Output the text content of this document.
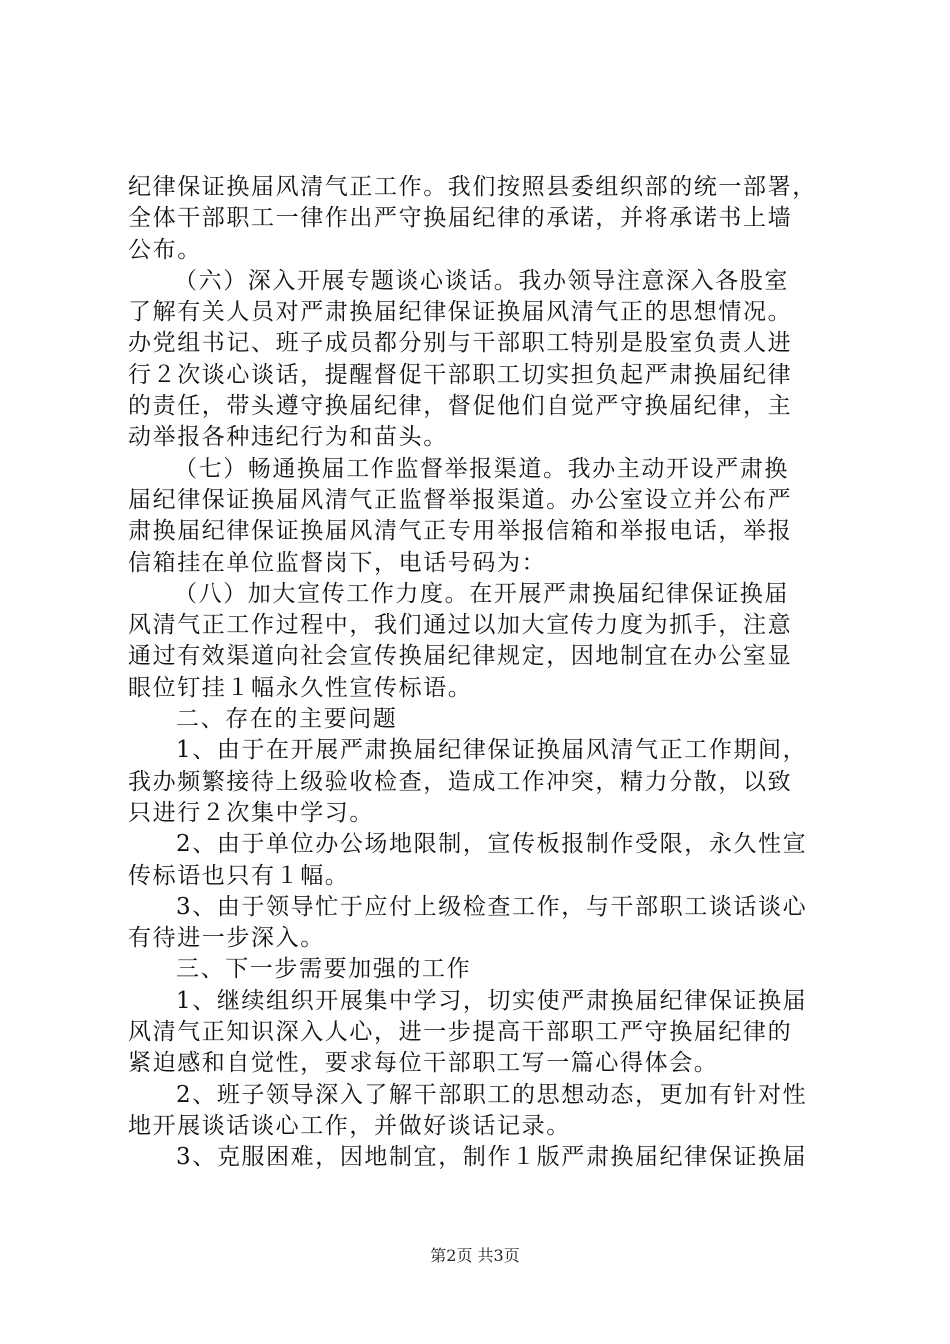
纪律保证换届风清气正工作。我们按照县委组织部的统一部署，
全体干部职工一律作出严守换届纪律的承诺，并将承诺书上墙
公布。
（六）深入开展专题谈心谈话。我办领导注意深入各股室
了解有关人员对严肃换届纪律保证换届风清气正的思想情况。
办党组书记、班子成员都分别与干部职工特别是股室负责人进
行２次谈心谈话，提醒督促干部职工切实担负起严肃换届纪律
的责任，带头遵守换届纪律，督促他们自觉严守换届纪律，主
动举报各种违纪行为和苗头。
（七）畅通换届工作监督举报渠道。我办主动开设严肃换
届纪律保证换届风清气正监督举报渠道。办公室设立并公布严
肃换届纪律保证换届风清气正专用举报信箱和举报电话，举报
信箱挂在单位监督岗下，电话号码为：
（八）加大宣传工作力度。在开展严肃换届纪律保证换届
风清气正工作过程中，我们通过以加大宣传力度为抓手，注意
通过有效渠道向社会宣传换届纪律规定，因地制宜在办公室显
眼位钉挂１幅永久性宣传标语。
二、存在的主要问题
1、由于在开展严肃换届纪律保证换届风清气正工作期间，
我办频繁接待上级验收检查，造成工作冲突，精力分散，以致
只进行２次集中学习。
2、由于单位办公场地限制，宣传板报制作受限，永久性宣
传标语也只有１幅。
3、由于领导忙于应付上级检查工作，与干部职工谈话谈心
有待进一步深入。
三、下一步需要加强的工作
1、继续组织开展集中学习，切实使严肃换届纪律保证换届
风清气正知识深入人心，进一步提高干部职工严守换届纪律的
紧迫感和自觉性，要求每位干部职工写一篇心得体会。
2、班子领导深入了解干部职工的思想动态，更加有针对性
地开展谈话谈心工作，并做好谈话记录。
3、克服困难，因地制宜，制作１版严肃换届纪律保证换届
第2页 共3页
